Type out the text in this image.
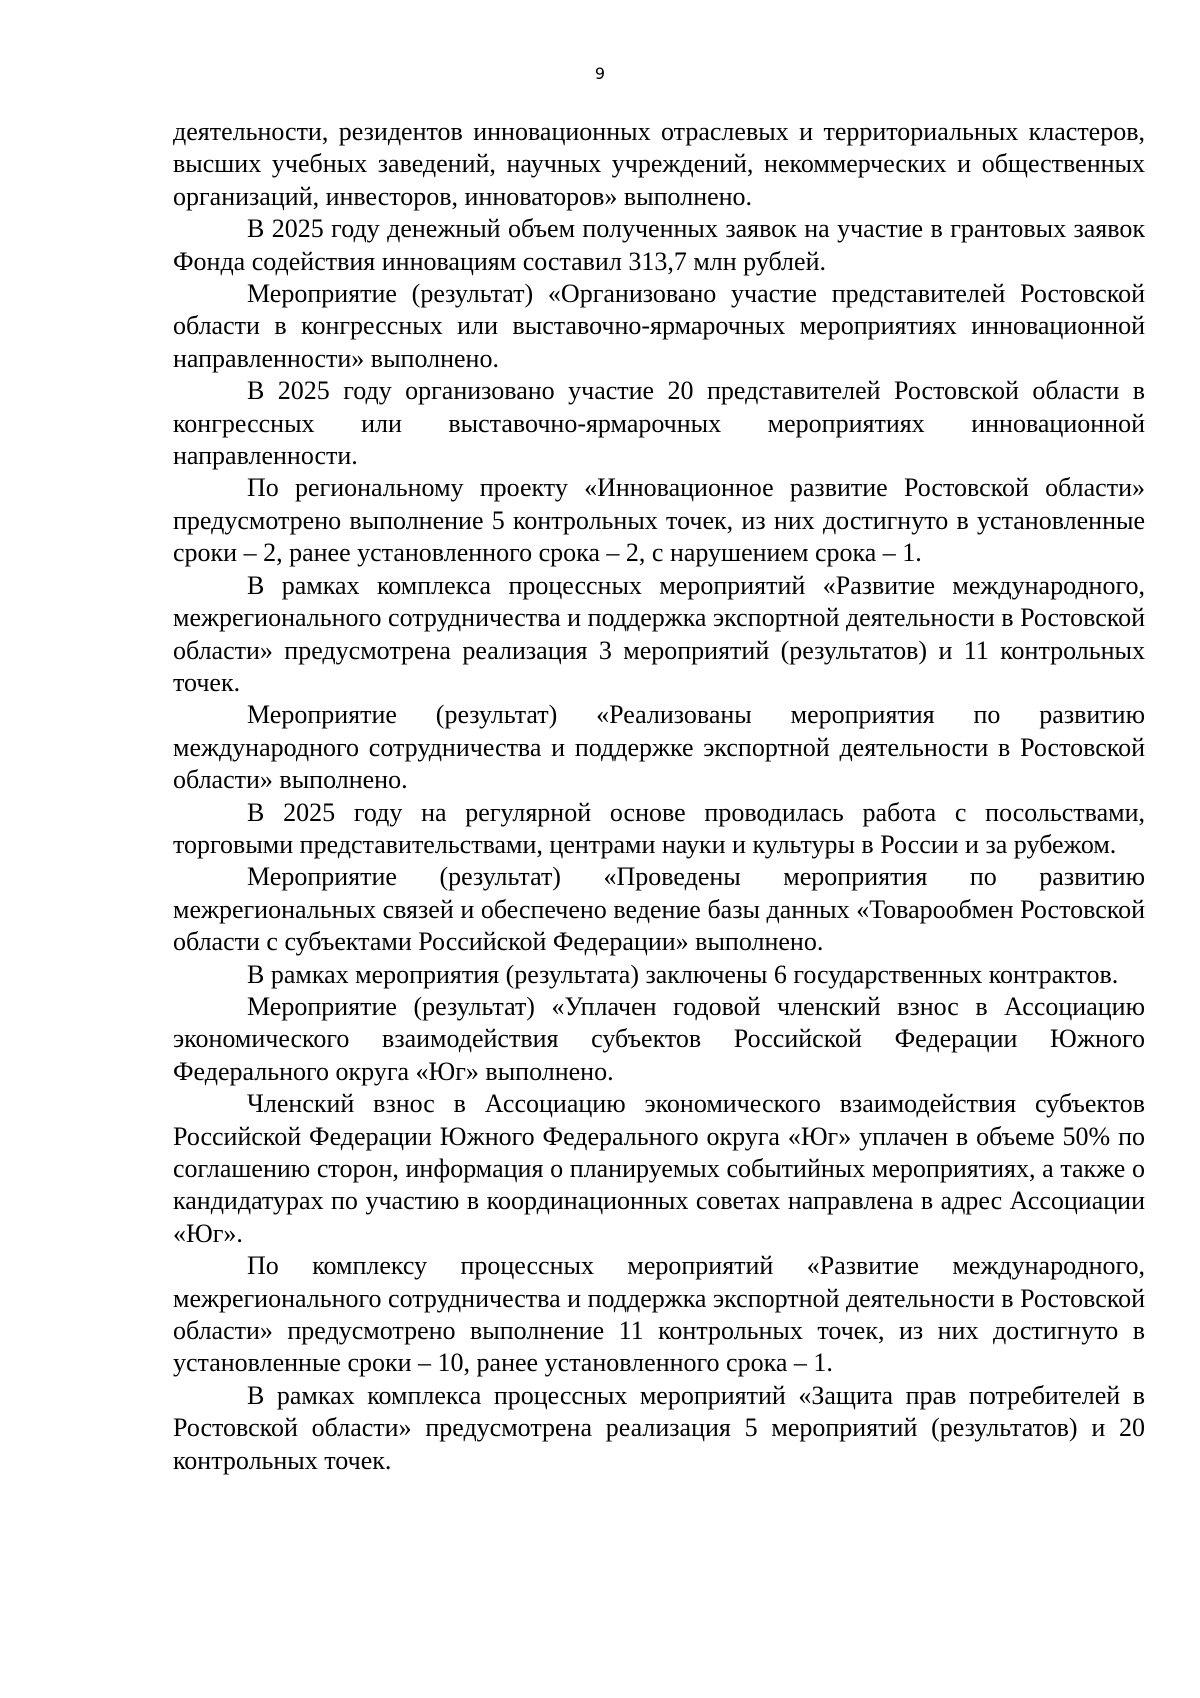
9

деятельности, резидентов инновационных отраслевых и территориальных кластеров, высших учебных заведений, научных учреждений, некоммерческих и общественных организаций, инвесторов, инноваторов» выполнено.

В 2025 году денежный объем полученных заявок на участие в грантовых заявок Фонда содействия инновациям составил 313,7 млн рублей.

Мероприятие (результат) «Организовано участие представителей Ростовской области в конгрессных или выставочно-ярмарочных мероприятиях инновационной направленности» выполнено.

В 2025 году организовано участие 20 представителей Ростовской области в конгрессных или выставочно-ярмарочных мероприятиях инновационной направленности.

По региональному проекту «Инновационное развитие Ростовской области» предусмотрено выполнение 5 контрольных точек, из них достигнуто в установленные сроки – 2, ранее установленного срока – 2, с нарушением срока – 1.

В рамках комплекса процессных мероприятий «Развитие международного, межрегионального сотрудничества и поддержка экспортной деятельности в Ростовской области» предусмотрена реализация 3 мероприятий (результатов) и 11 контрольных точек.

Мероприятие (результат) «Реализованы мероприятия по развитию международного сотрудничества и поддержке экспортной деятельности в Ростовской области» выполнено.

В 2025 году на регулярной основе проводилась работа с посольствами, торговыми представительствами, центрами науки и культуры в России и за рубежом.

Мероприятие (результат) «Проведены мероприятия по развитию межрегиональных связей и обеспечено ведение базы данных «Товарообмен Ростовской области с субъектами Российской Федерации» выполнено.

В рамках мероприятия (результата) заключены 6 государственных контрактов.

Мероприятие (результат) «Уплачен годовой членский взнос в Ассоциацию экономического взаимодействия субъектов Российской Федерации Южного Федерального округа «Юг» выполнено.

Членский взнос в Ассоциацию экономического взаимодействия субъектов Российской Федерации Южного Федерального округа «Юг» уплачен в объеме 50% по соглашению сторон, информация о планируемых событийных мероприятиях, а также о кандидатурах по участию в координационных советах направлена в адрес Ассоциации «Юг».

По комплексу процессных мероприятий «Развитие международного, межрегионального сотрудничества и поддержка экспортной деятельности в Ростовской области» предусмотрено выполнение 11 контрольных точек, из них достигнуто в установленные сроки – 10, ранее установленного срока – 1.

В рамках комплекса процессных мероприятий «Защита прав потребителей в Ростовской области» предусмотрена реализация 5 мероприятий (результатов) и 20 контрольных точек.
